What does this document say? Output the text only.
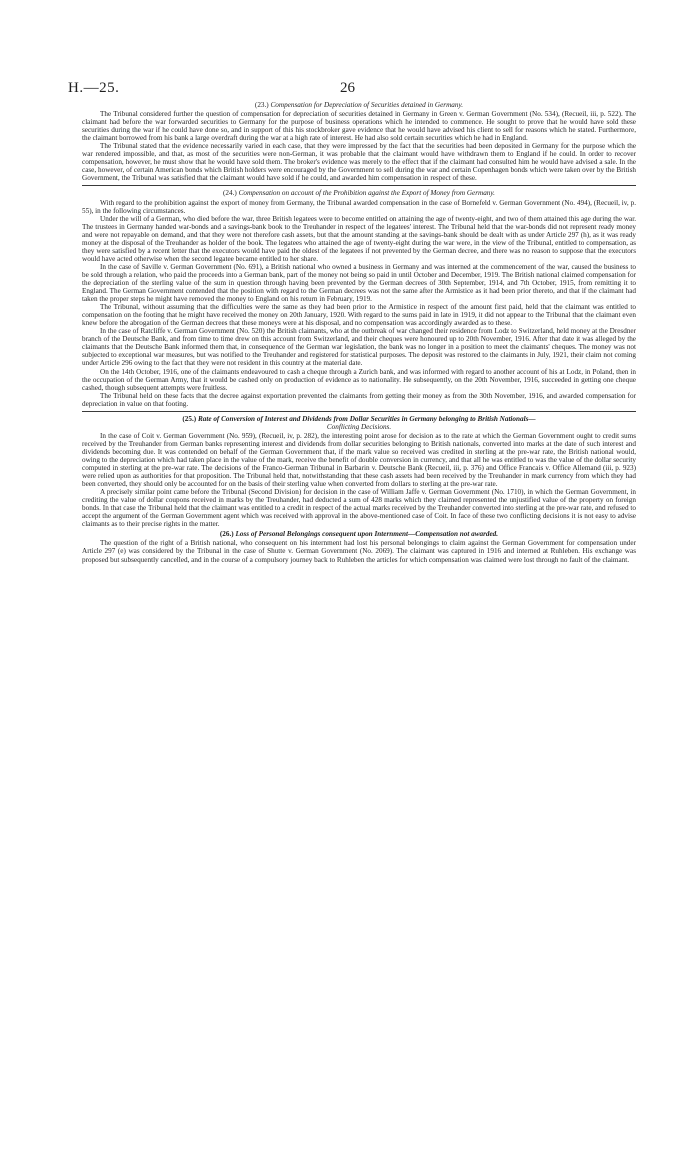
H.—25.	26

(23.) Compensation for Depreciation of Securities detained in Germany.

The Tribunal considered further the question of compensation for depreciation of securities detained in Germany in Green v. German Government (No. 534), (Recueil, iii, p. 522). The claimant had before the war forwarded securities to Germany for the purpose of business operations which he intended to commence. He sought to prove that he would have sold these securities during the war if he could have done so, and in support of this his stockbroker gave evidence that he would have advised his client to sell for reasons which he stated. Furthermore, the claimant borrowed from his bank a large overdraft during the war at a high rate of interest. He had also sold certain securities which he had in England.

The Tribunal stated that the evidence necessarily varied in each case, that they were impressed by the fact that the securities had been deposited in Germany for the purpose which the war rendered impossible, and that, as most of the securities were non-German, it was probable that the claimant would have withdrawn them to England if he could. In order to recover compensation, however, he must show that he would have sold them. The broker's evidence was merely to the effect that if the claimant had consulted him he would have advised a sale. In the case, however, of certain American bonds which British holders were encouraged by the Government to sell during the war and certain Copenhagen bonds which were taken over by the British Government, the Tribunal was satisfied that the claimant would have sold if he could, and awarded him compensation in respect of these.

(24.) Compensation on account of the Prohibition against the Export of Money from Germany.

With regard to the prohibition against the export of money from Germany, the Tribunal awarded compensation in the case of Bornefeld v. German Government (No. 494), (Recueil, iv, p. 55), in the following circumstances.

Under the will of a German, who died before the war, three British legatees were to become entitled on attaining the age of twenty-eight, and two of them attained this age during the war. The trustees in Germany handed war-bonds and a savings-bank book to the Treuhander in respect of the legatees' interest. The Tribunal held that the war-bonds did not represent ready money and were not repayable on demand, and that they were not therefore cash assets, but that the amount standing at the savings-bank should be dealt with as under Article 297 (h), as it was ready money at the disposal of the Treuhander as holder of the book. The legatees who attained the age of twenty-eight during the war were, in the view of the Tribunal, entitled to compensation, as they were satisfied by a recent letter that the executors would have paid the oldest of the legatees if not prevented by the German decree, and there was no reason to suppose that the executors would have acted otherwise when the second legatee became entitled to her share.

In the case of Saville v. German Government (No. 691), a British national who owned a business in Germany and was interned at the commencement of the war, caused the business to be sold through a relation, who paid the proceeds into a German bank, part of the money not being so paid in until October and December, 1919. The British national claimed compensation for the depreciation of the sterling value of the sum in question through having been prevented by the German decrees of 30th September, 1914, and 7th October, 1915, from remitting it to England. The German Government contended that the position with regard to the German decrees was not the same after the Armistice as it had been prior thereto, and that if the claimant had taken the proper steps he might have removed the money to England on his return in February, 1919.

The Tribunal, without assuming that the difficulties were the same as they had been prior to the Armistice in respect of the amount first paid, held that the claimant was entitled to compensation on the footing that he might have received the money on 20th January, 1920. With regard to the sums paid in late in 1919, it did not appear to the Tribunal that the claimant even knew before the abrogation of the German decrees that these moneys were at his disposal, and no compensation was accordingly awarded as to these.

In the case of Ratcliffe v. German Government (No. 520) the British claimants, who at the outbreak of war changed their residence from Lodz to Switzerland, held money at the Dresdner branch of the Deutsche Bank, and from time to time drew on this account from Switzerland, and their cheques were honoured up to 20th November, 1916. After that date it was alleged by the claimants that the Deutsche Bank informed them that, in consequence of the German war legislation, the bank was no longer in a position to meet the claimants' cheques. The money was not subjected to exceptional war measures, but was notified to the Treuhander and registered for statistical purposes. The deposit was restored to the claimants in July, 1921, their claim not coming under Article 296 owing to the fact that they were not resident in this country at the material date.

On the 14th October, 1916, one of the claimants endeavoured to cash a cheque through a Zurich bank, and was informed with regard to another account of his at Lodz, in Poland, then in the occupation of the German Army, that it would be cashed only on production of evidence as to nationality. He subsequently, on the 20th November, 1916, succeeded in getting one cheque cashed, though subsequent attempts were fruitless.

The Tribunal held on these facts that the decree against exportation prevented the claimants from getting their money as from the 30th November, 1916, and awarded compensation for depreciation in value on that footing.

(25.) Rate of Conversion of Interest and Dividends from Dollar Securities in Germany belonging to British Nationals—
Conflicting Decisions.

In the case of Coit v. German Government (No. 959), (Recueil, iv, p. 282), the interesting point arose for decision as to the rate at which the German Government ought to credit sums received by the Treuhander from German banks representing interest and dividends from dollar securities belonging to British nationals, converted into marks at the date of such interest and dividends becoming due. It was contended on behalf of the German Government that, if the mark value so received was credited in sterling at the pre-war rate, the British national would, owing to the depreciation which had taken place in the value of the mark, receive the benefit of double conversion in currency, and that all he was entitled to was the value of the dollar security computed in sterling at the pre-war rate. The decisions of the Franco-German Tribunal in Barbarin v. Deutsche Bank (Recueil, iii, p. 376) and Office Francais v. Office Allemand (iii, p. 923) were relied upon as authorities for that proposition. The Tribunal held that, notwithstanding that these cash assets had been received by the Treuhander in mark currency from which they had been converted, they should only be accounted for on the basis of their sterling value when converted from dollars to sterling at the pre-war rate.

A precisely similar point came before the Tribunal (Second Division) for decision in the case of William Jaffe v. German Government (No. 1710), in which the German Government, in crediting the value of dollar coupons received in marks by the Treuhander, had deducted a sum of 428 marks which they claimed represented the unjustified value of the property on foreign bonds. In that case the Tribunal held that the claimant was entitled to a credit in respect of the actual marks received by the Treuhander converted into sterling at the pre-war rate, and refused to accept the argument of the German Government agent which was received with approval in the above-mentioned case of Coit. In face of these two conflicting decisions it is not easy to advise claimants as to their precise rights in the matter.

(26.) Loss of Personal Belongings consequent upon Internment—Compensation not awarded.

The question of the right of a British national, who consequent on his internment had lost his personal belongings to claim against the German Government for compensation under Article 297 (e) was considered by the Tribunal in the case of Shutte v. German Government (No. 2069). The claimant was captured in 1916 and interned at Ruhleben. His exchange was proposed but subsequently cancelled, and in the course of a compulsory journey back to Ruhleben the articles for which compensation was claimed were lost through no fault of the claimant.
